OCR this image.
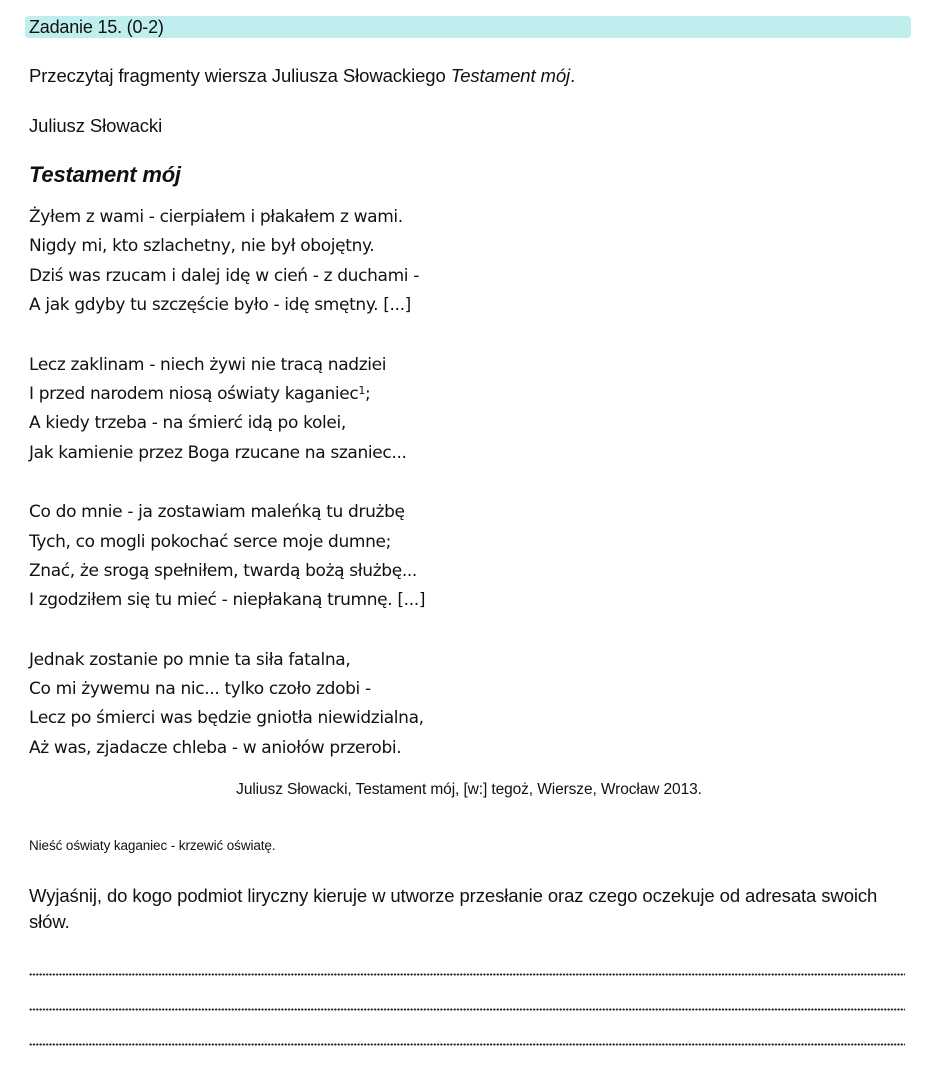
Zadanie 15. (0-2)
Przeczytaj fragmenty wiersza Juliusza Słowackiego Testament mój.
Juliusz Słowacki
Testament mój
Żyłem z wami - cierpiałem i płakałem z wami.
Nigdy mi, kto szlachetny, nie był obojętny.
Dziś was rzucam i dalej idę w cień - z duchami -
A jak gdyby tu szczęście było - idę smętny. [...]
Lecz zaklinam - niech żywi nie tracą nadziei
I przed narodem niosą oświaty kaganiec$^1$;
A kiedy trzeba - na śmierć idą po kolei,
Jak kamienie przez Boga rzucane na szaniec...
Co do mnie - ja zostawiam maleńką tu drużbę
Tych, co mogli pokochać serce moje dumne;
Znać, że srogą spełniłem, twardą bożą służbę...
I zgodziłem się tu mieć - niepłakaną trumnę. [...]
Jednak zostanie po mnie ta siła fatalna,
Co mi żywemu na nic... tylko czoło zdobi -
Lecz po śmierci was będzie gniotła niewidzialna,
Aż was, zjadacze chleba - w aniołów przerobi.
Juliusz Słowacki, Testament mój, [w:] tegoż, Wiersze, Wrocław 2013.
Nieść oświaty kaganiec - krzewić oświatę.
Wyjaśnij, do kogo podmiot liryczny kieruje w utworze przesłanie oraz czego oczekuje od adresata swoich słów.
